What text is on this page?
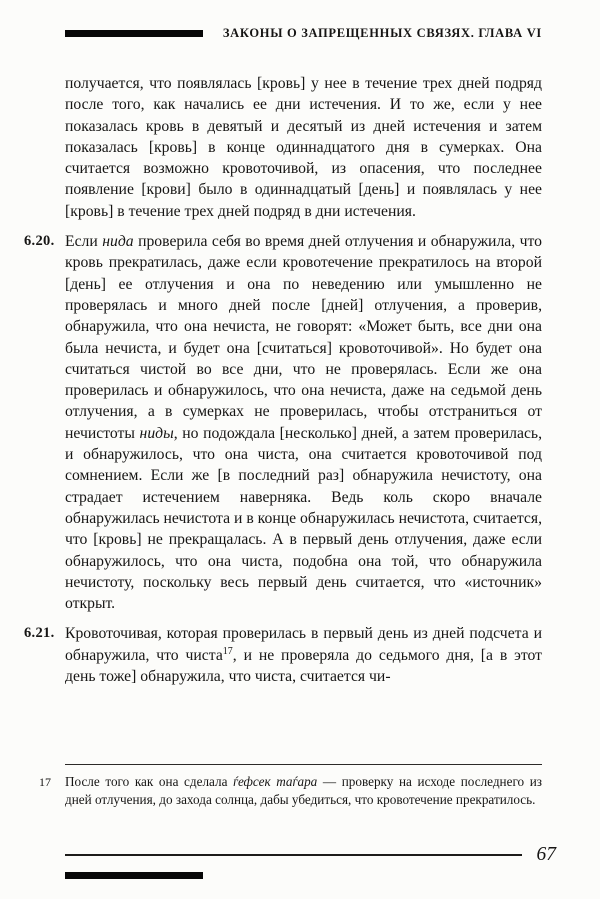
ЗАКОНЫ О ЗАПРЕЩЕННЫХ СВЯЗЯХ. ГЛАВА VI
получается, что появлялась [кровь] у нее в течение трех дней подряд после того, как начались ее дни истечения. И то же, если у нее показалась кровь в девятый и десятый из дней истечения и затем показалась [кровь] в конце одиннадцатого дня в сумерках. Она считается возможно кровоточивой, из опасения, что последнее появление [крови] было в одиннадцатый [день] и появлялась у нее [кровь] в течение трех дней подряд в дни истечения.
6.20. Если нида проверила себя во время дней отлучения и обнаружила, что кровь прекратилась, даже если кровотечение прекратилось на второй [день] ее отлучения и она по неведению или умышленно не проверялась и много дней после [дней] отлучения, а проверив, обнаружила, что она нечиста, не говорят: «Может быть, все дни она была нечиста, и будет она [считаться] кровоточивой». Но будет она считаться чистой во все дни, что не проверялась. Если же она проверилась и обнаружилось, что она нечиста, даже на седьмой день отлучения, а в сумерках не проверилась, чтобы отстраниться от нечистоты ниды, но подождала [несколько] дней, а затем проверилась, и обнаружилось, что она чиста, она считается кровоточивой под сомнением. Если же [в последний раз] обнаружила нечистоту, она страдает истечением наверняка. Ведь коль скоро вначале обнаружилась нечистота и в конце обнаружилась нечистота, считается, что [кровь] не прекращалась. А в первый день отлучения, даже если обнаружилось, что она чиста, подобна она той, что обнаружила нечистоту, поскольку весь первый день считается, что «источник» открыт.
6.21. Кровоточивая, которая проверилась в первый день из дней подсчета и обнаружила, что чиста$^{17}$, и не проверяла до седьмого дня, [а в этот день тоже] обнаружила, что чиста, считается чи-
17 После того как она сделала ѓефсек таѓара — проверку на исходе последнего из дней отлучения, до захода солнца, дабы убедиться, что кровотечение прекратилось.
67
